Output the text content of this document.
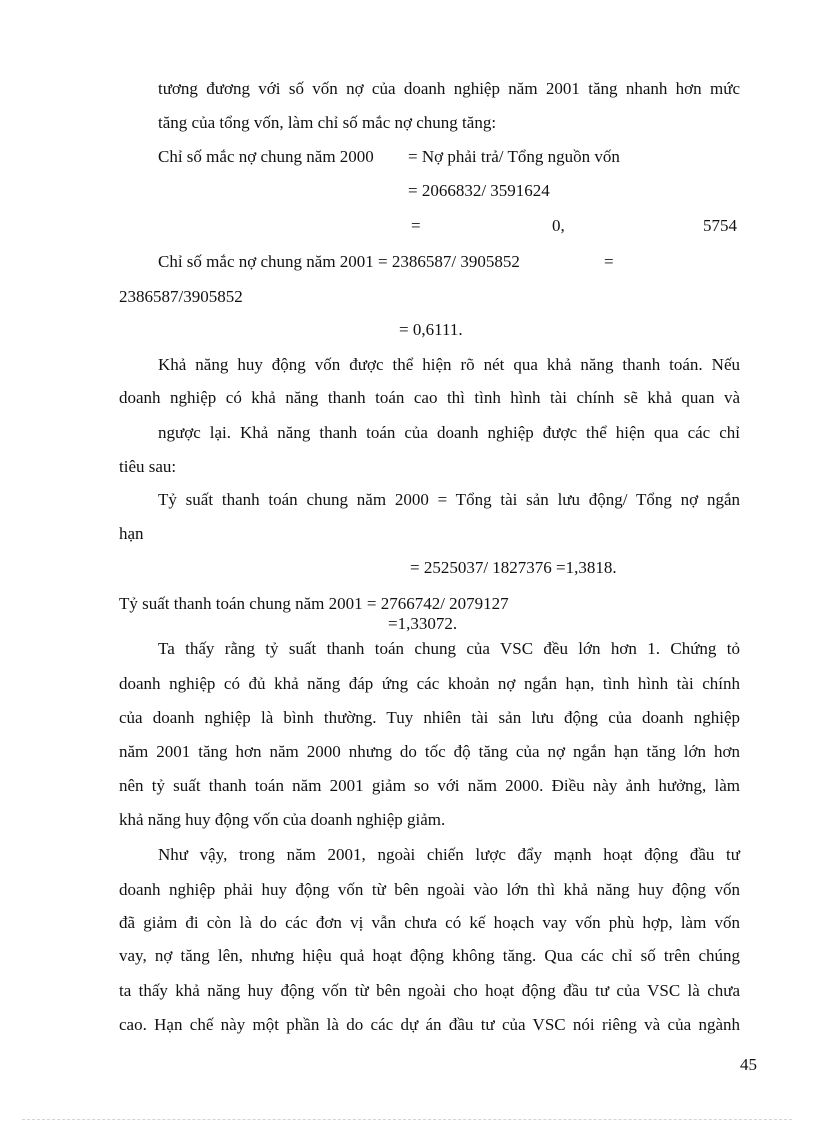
tương đương với số vốn nợ của doanh nghiệp năm 2001 tăng nhanh hơn mức
tăng của tổng vốn, làm chỉ số mắc nợ chung tăng:
Chỉ số mắc nợ chung năm 2000 = Nợ phải trả/ Tổng nguồn vốn
= 2066832/ 3591624
=	0,	5754
Chỉ số mắc nợ chung năm 2001 = 2386587/ 3905852	=
2386587/3905852
= 0,6111.
Khả năng huy động vốn được thể hiện rõ nét qua khả năng thanh toán. Nếu
doanh nghiệp có khả năng thanh toán cao thì tình hình tài chính sẽ khả quan và
ngược lại. Khả năng thanh toán của doanh nghiệp được thể hiện qua các chỉ
tiêu sau:
Tỷ suất thanh toán chung năm 2000 = Tổng tài sản lưu động/ Tổng nợ ngắn
hạn
= 2525037/ 1827376 =1,3818.
Tỷ suất thanh toán chung năm 2001 = 2766742/ 2079127
=1,33072.
Ta thấy rằng tỷ suất thanh toán chung của VSC đều lớn hơn 1. Chứng tỏ
doanh nghiệp có đủ khả năng đáp ứng các khoản nợ ngắn hạn, tình hình tài chính
của doanh nghiệp là bình thường. Tuy nhiên tài sản lưu động của doanh nghiệp
năm 2001 tăng hơn năm 2000 nhưng do tốc độ tăng của nợ ngắn hạn tăng lớn hơn
nên tỷ suất thanh toán năm 2001 giảm so với năm 2000. Điều này ảnh hưởng, làm
khả năng huy động vốn của doanh nghiệp giảm.
Như vậy, trong năm 2001, ngoài chiến lược đẩy mạnh hoạt động đầu tư
doanh nghiệp phải huy động vốn từ bên ngoài vào lớn thì khả năng huy động vốn
đã giảm đi còn là do các đơn vị vẫn chưa có kế hoạch vay vốn phù hợp, làm vốn
vay, nợ tăng lên, nhưng hiệu quả hoạt động không tăng. Qua các chỉ số trên chúng
ta thấy khả năng huy động vốn từ bên ngoài cho hoạt động đầu tư của VSC là chưa
cao. Hạn chế này một phần là do các dự án đầu tư của VSC nói riêng và của ngành
45
